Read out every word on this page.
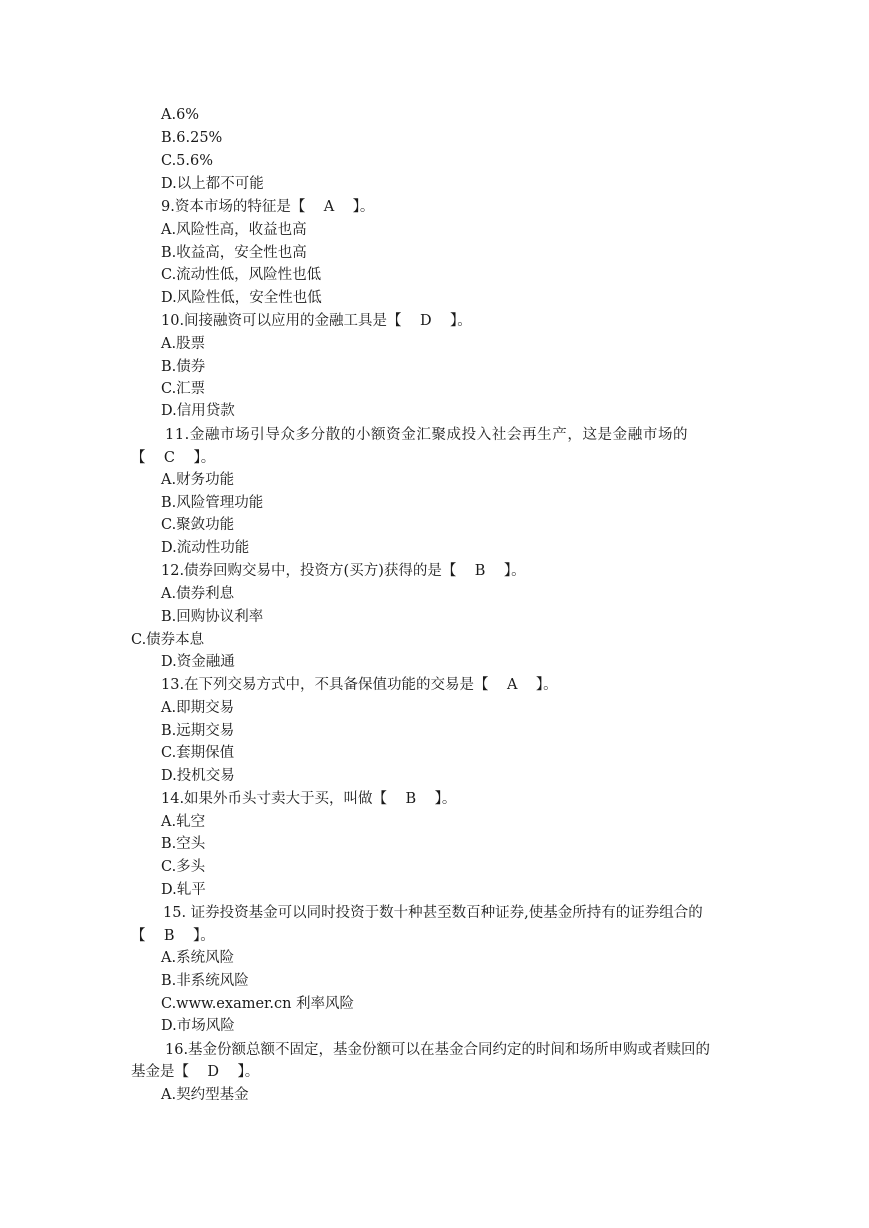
A.6%
B.6.25%
C.5.6%
D.以上都不可能
9.资本市场的特征是【    A    】。
A.风险性高，收益也高
B.收益高，安全性也高
C.流动性低，风险性也低
D.风险性低，安全性也低
10.间接融资可以应用的金融工具是【    D    】。
A.股票
B.债券
C.汇票
D.信用贷款
11.金融市场引导众多分散的小额资金汇聚成投入社会再生产，这是金融市场的
【    C    】。
A.财务功能
B.风险管理功能
C.聚敛功能
D.流动性功能
12.债券回购交易中，投资方(买方)获得的是【    B    】。
A.债券利息
B.回购协议利率
C.债券本息
D.资金融通
13.在下列交易方式中，不具备保值功能的交易是【    A    】。
A.即期交易
B.远期交易
C.套期保值
D.投机交易
14.如果外币头寸卖大于买，叫做【    B    】。
A.轧空
B.空头
C.多头
D.轧平
15. 证券投资基金可以同时投资于数十种甚至数百种证券,使基金所持有的证券组合的
【    B    】。
A.系统风险
B.非系统风险
C.www.examer.cn 利率风险
D.市场风险
16.基金份额总额不固定，基金份额可以在基金合同约定的时间和场所申购或者赎回的
基金是【    D    】。
A.契约型基金
